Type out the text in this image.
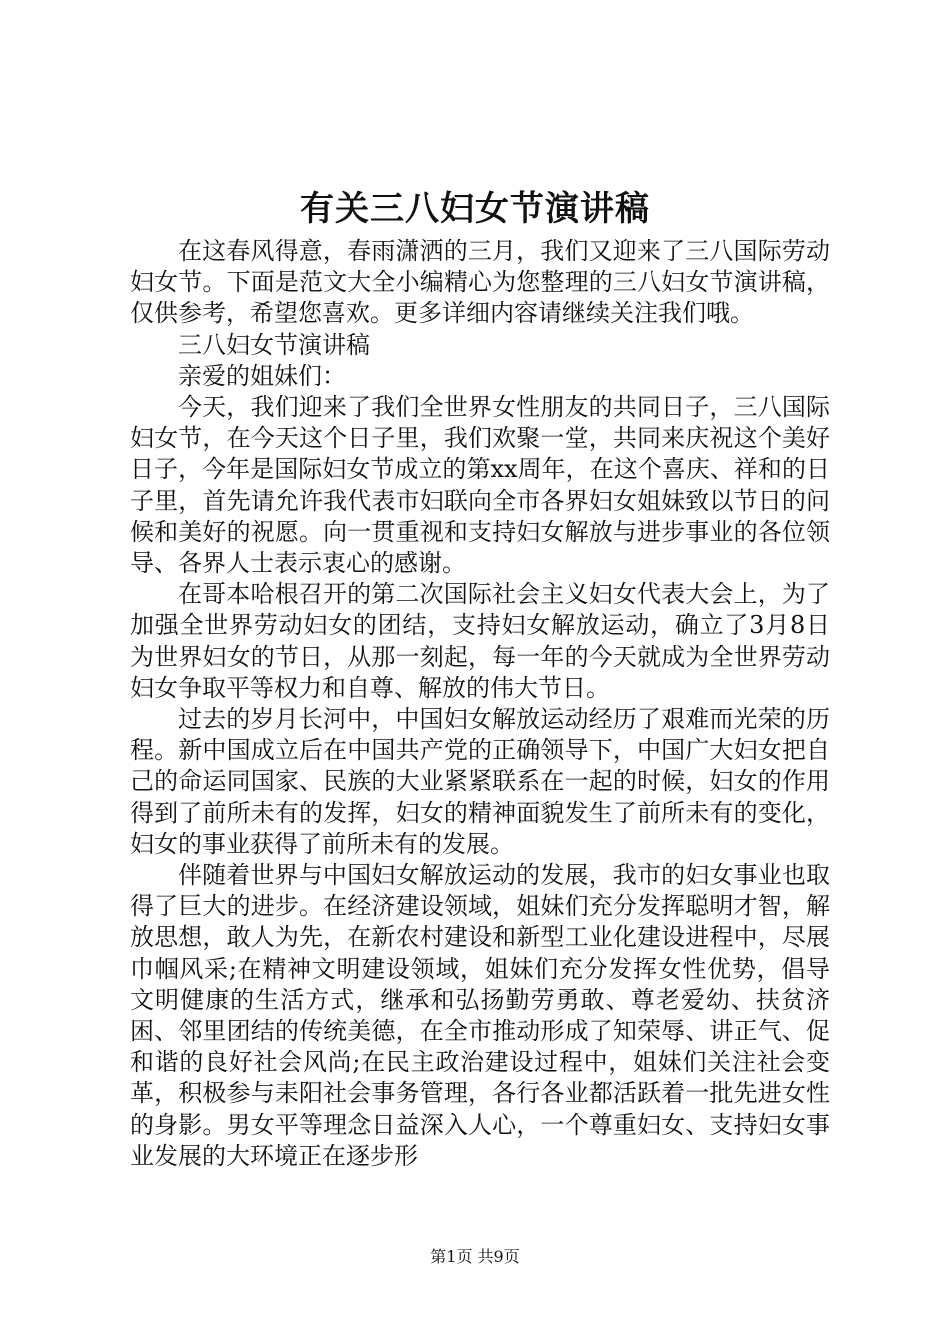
有关三八妇女节演讲稿

在这春风得意，春雨潇洒的三月，我们又迎来了三八国际劳动妇女节。下面是范文大全小编精心为您整理的三八妇女节演讲稿，仅供参考，希望您喜欢。更多详细内容请继续关注我们哦。

三八妇女节演讲稿

亲爱的姐妹们：

今天，我们迎来了我们全世界女性朋友的共同日子，三八国际妇女节，在今天这个日子里，我们欢聚一堂，共同来庆祝这个美好日子，今年是国际妇女节成立的第xx周年，在这个喜庆、祥和的日子里，首先请允许我代表市妇联向全市各界妇女姐妹致以节日的问候和美好的祝愿。向一贯重视和支持妇女解放与进步事业的各位领导、各界人士表示衷心的感谢。

在哥本哈根召开的第二次国际社会主义妇女代表大会上，为了加强全世界劳动妇女的团结，支持妇女解放运动，确立了3月8日为世界妇女的节日，从那一刻起，每一年的今天就成为全世界劳动妇女争取平等权力和自尊、解放的伟大节日。

过去的岁月长河中，中国妇女解放运动经历了艰难而光荣的历程。新中国成立后在中国共产党的正确领导下，中国广大妇女把自己的命运同国家、民族的大业紧紧联系在一起的时候，妇女的作用得到了前所未有的发挥，妇女的精神面貌发生了前所未有的变化，妇女的事业获得了前所未有的发展。

伴随着世界与中国妇女解放运动的发展，我市的妇女事业也取得了巨大的进步。在经济建设领域，姐妹们充分发挥聪明才智，解放思想，敢人为先，在新农村建设和新型工业化建设进程中，尽展巾帼风采;在精神文明建设领域，姐妹们充分发挥女性优势，倡导文明健康的生活方式，继承和弘扬勤劳勇敢、尊老爱幼、扶贫济困、邻里团结的传统美德，在全市推动形成了知荣辱、讲正气、促和谐的良好社会风尚;在民主政治建设过程中，姐妹们关注社会变革，积极参与耒阳社会事务管理，各行各业都活跃着一批先进女性的身影。男女平等理念日益深入人心，一个尊重妇女、支持妇女事业发展的大环境正在逐步形

第1页 共9页
